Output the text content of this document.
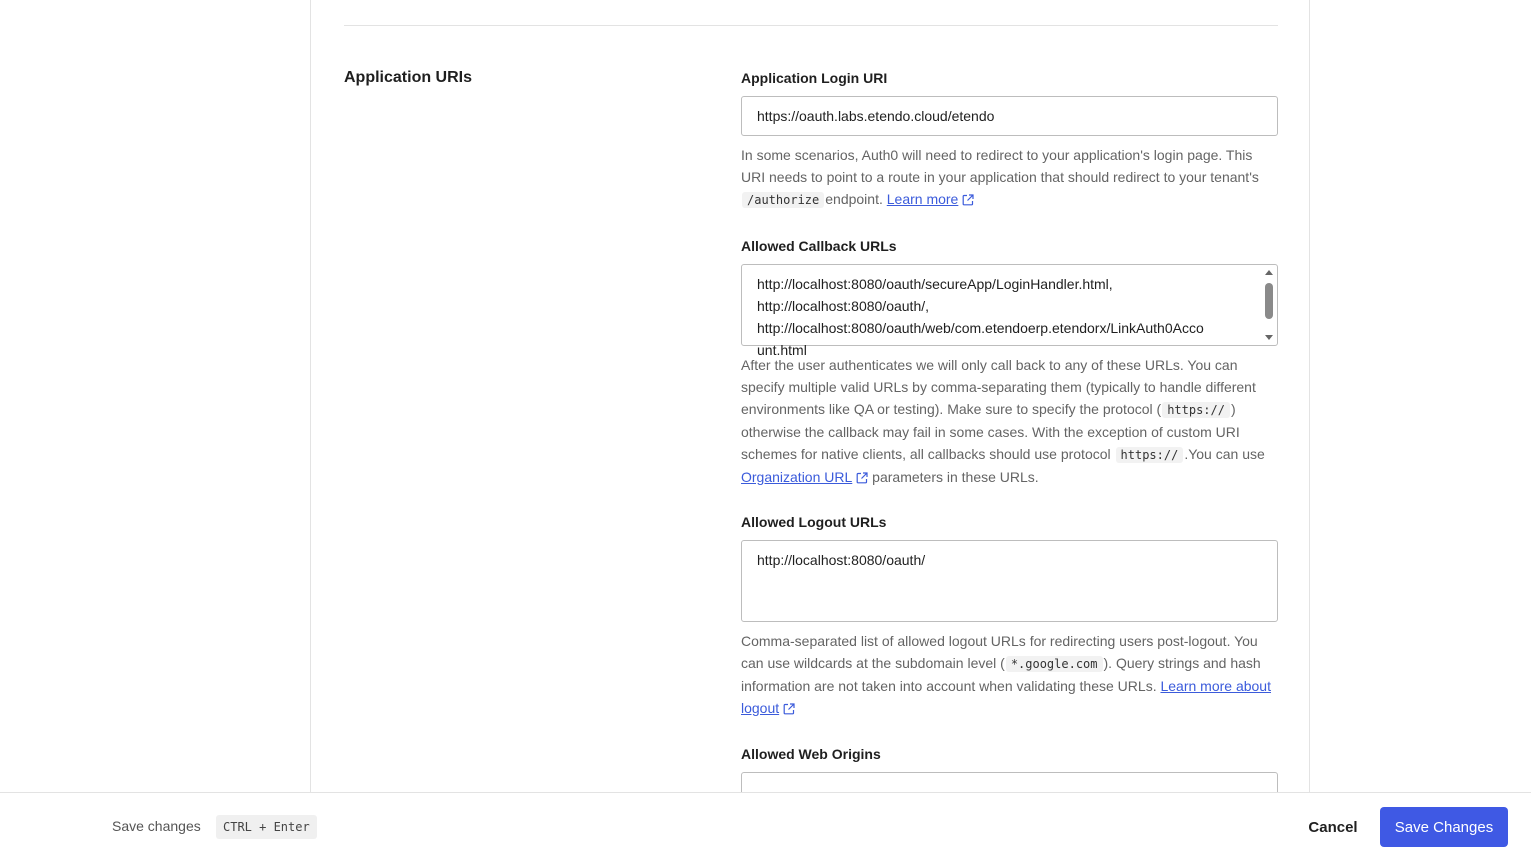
Application URIs	Application Login URI
https://oauth.labs.etendo.cloud/etendo
In some scenarios, Auth0 will need to redirect to your application's login page. This URI needs to point to a route in your application that should redirect to your tenant's /authorize endpoint. Learn more
Allowed Callback URLs
http://localhost:8080/oauth/secureApp/LoginHandler.html,
http://localhost:8080/oauth/,
http://localhost:8080/oauth/web/com.etendoerp.etendorx/LinkAuth0Acco
unt.html
After the user authenticates we will only call back to any of these URLs. You can specify multiple valid URLs by comma-separating them (typically to handle different environments like QA or testing). Make sure to specify the protocol ( https:// ) otherwise the callback may fail in some cases. With the exception of custom URI schemes for native clients, all callbacks should use protocol https:// .You can use Organization URL parameters in these URLs.
Allowed Logout URLs
http://localhost:8080/oauth/
Comma-separated list of allowed logout URLs for redirecting users post-logout. You can use wildcards at the subdomain level ( *.google.com ). Query strings and hash information are not taken into account when validating these URLs. Learn more about logout
Allowed Web Origins
Save changes	CTRL + Enter	Cancel	Save Changes
